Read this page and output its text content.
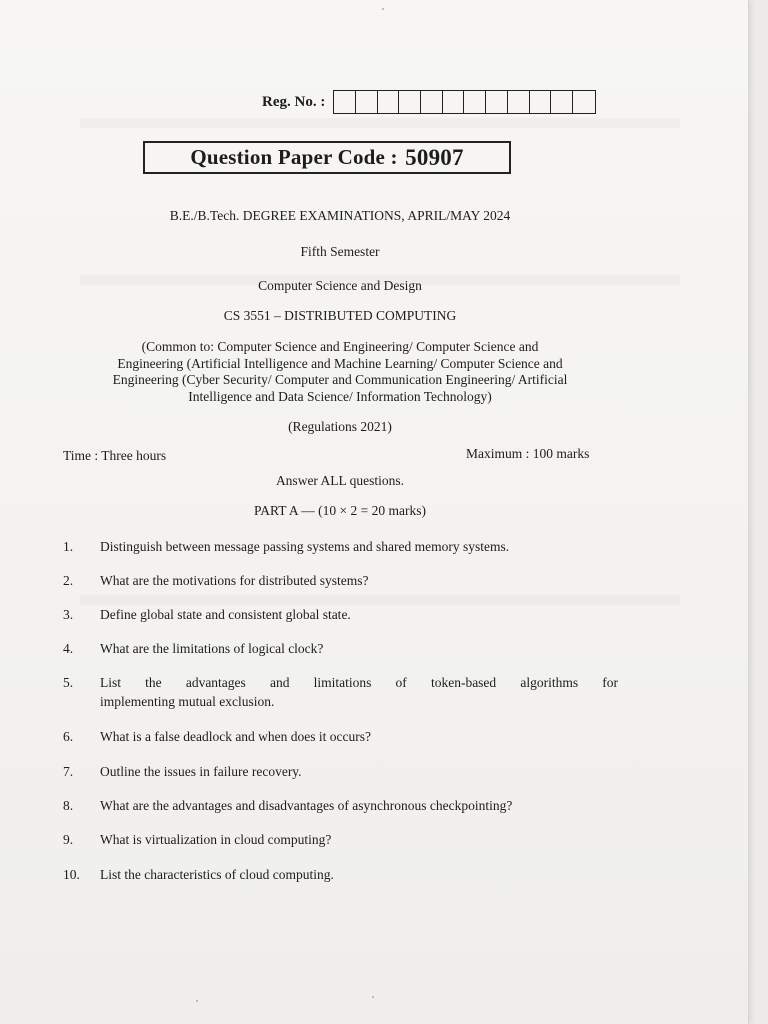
Reg. No. :
Question Paper Code :
50907
B.E./B.Tech. DEGREE EXAMINATIONS, APRIL/MAY 2024
Fifth Semester
Computer Science and Design
CS 3551 – DISTRIBUTED COMPUTING
(Common to: Computer Science and Engineering/ Computer Science and
Engineering (Artificial Intelligence and Machine Learning/ Computer Science and
Engineering (Cyber Security/ Computer and Communication Engineering/ Artificial
Intelligence and Data Science/ Information Technology)
(Regulations 2021)
Time : Three hours	Maximum : 100 marks
Answer ALL questions.
PART A — (10 × 2 = 20 marks)
1.	Distinguish between message passing systems and shared memory systems.
2.	What are the motivations for distributed systems?
3.	Define global state and consistent global state.
4.	What are the limitations of logical clock?
5.	List the advantages and limitations of token-based algorithms for
implementing mutual exclusion.
6.	What is a false deadlock and when does it occurs?
7.	Outline the issues in failure recovery.
8.	What are the advantages and disadvantages of asynchronous checkpointing?
9.	What is virtualization in cloud computing?
10.	List the characteristics of cloud computing.
